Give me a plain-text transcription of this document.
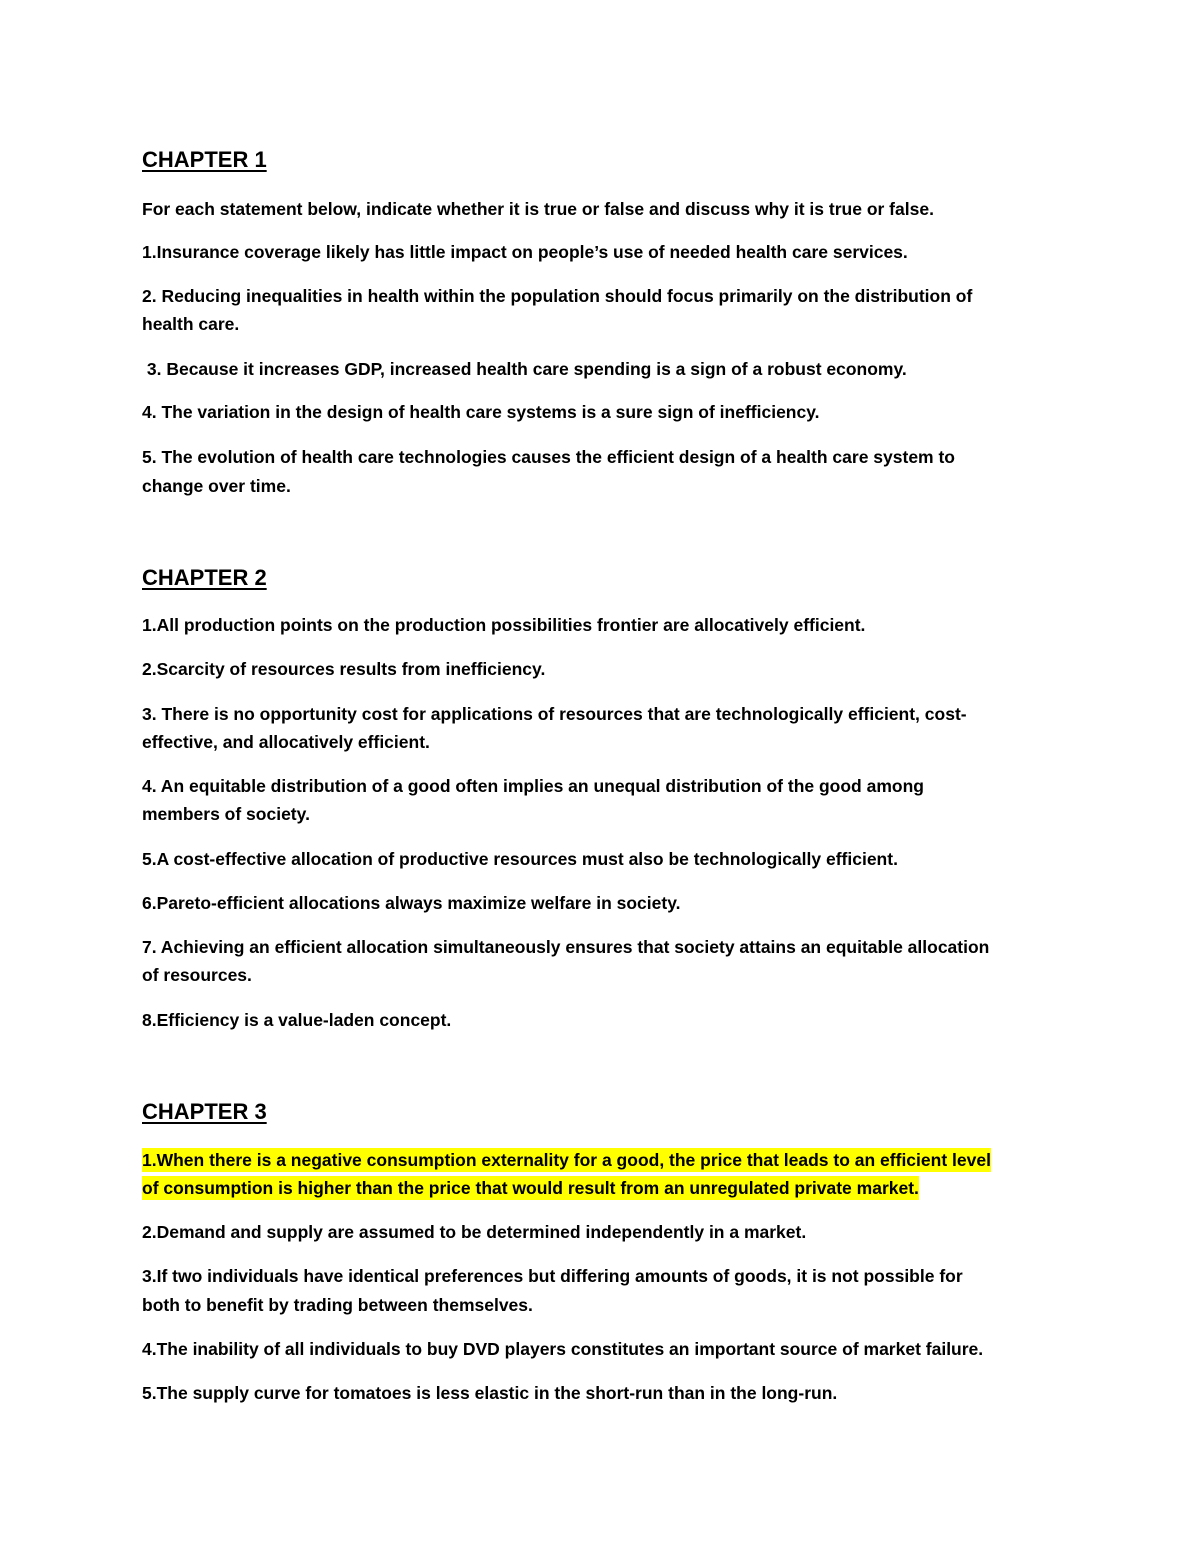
CHAPTER 1
For each statement below, indicate whether it is true or false and discuss why it is true or false.
1.Insurance coverage likely has little impact on people’s use of needed health care services.
2. Reducing inequalities in health within the population should focus primarily on the distribution of
health care.
3. Because it increases GDP, increased health care spending is a sign of a robust economy.
4. The variation in the design of health care systems is a sure sign of inefficiency.
5. The evolution of health care technologies causes the efficient design of a health care system to
change over time.
CHAPTER 2
1.All production points on the production possibilities frontier are allocatively efficient.
2.Scarcity of resources results from inefficiency.
3. There is no opportunity cost for applications of resources that are technologically efficient, cost-
effective, and allocatively efficient.
4. An equitable distribution of a good often implies an unequal distribution of the good among
members of society.
5.A cost-effective allocation of productive resources must also be technologically efficient.
6.Pareto-efficient allocations always maximize welfare in society.
7. Achieving an efficient allocation simultaneously ensures that society attains an equitable allocation
of resources.
8.Efficiency is a value-laden concept.
CHAPTER 3
1.When there is a negative consumption externality for a good, the price that leads to an efficient level
of consumption is higher than the price that would result from an unregulated private market.
2.Demand and supply are assumed to be determined independently in a market.
3.If two individuals have identical preferences but differing amounts of goods, it is not possible for
both to benefit by trading between themselves.
4.The inability of all individuals to buy DVD players constitutes an important source of market failure.
5.The supply curve for tomatoes is less elastic in the short-run than in the long-run.
